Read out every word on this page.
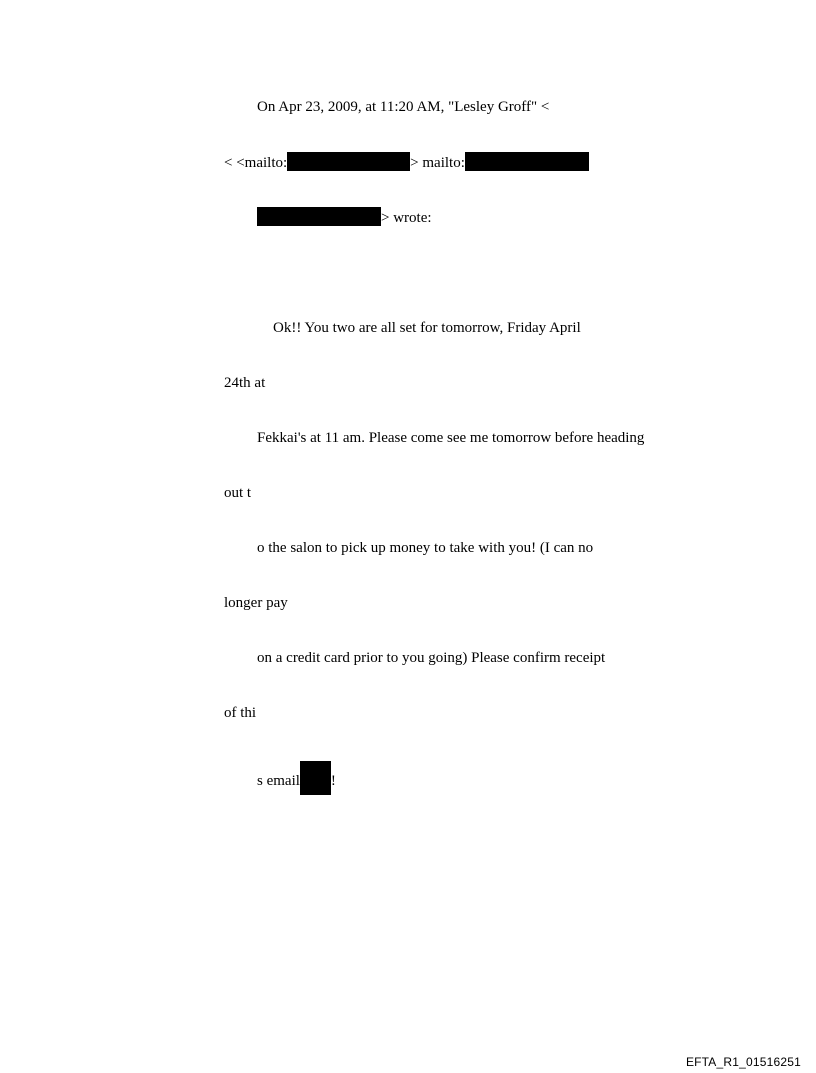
On Apr 23, 2009, at 11:20 AM, "Lesley Groff" <
< <mailto:	> mailto:
> wrote:
Ok!! You two are all set for tomorrow, Friday April
24th at
Fekkai's at 11 am. Please come see me tomorrow before heading
out t
o the salon to pick up money to take with you! (I can no
longer pay
on a credit card prior to you going) Please confirm receipt
of thi
s email !
EFTA_R1_01516251
